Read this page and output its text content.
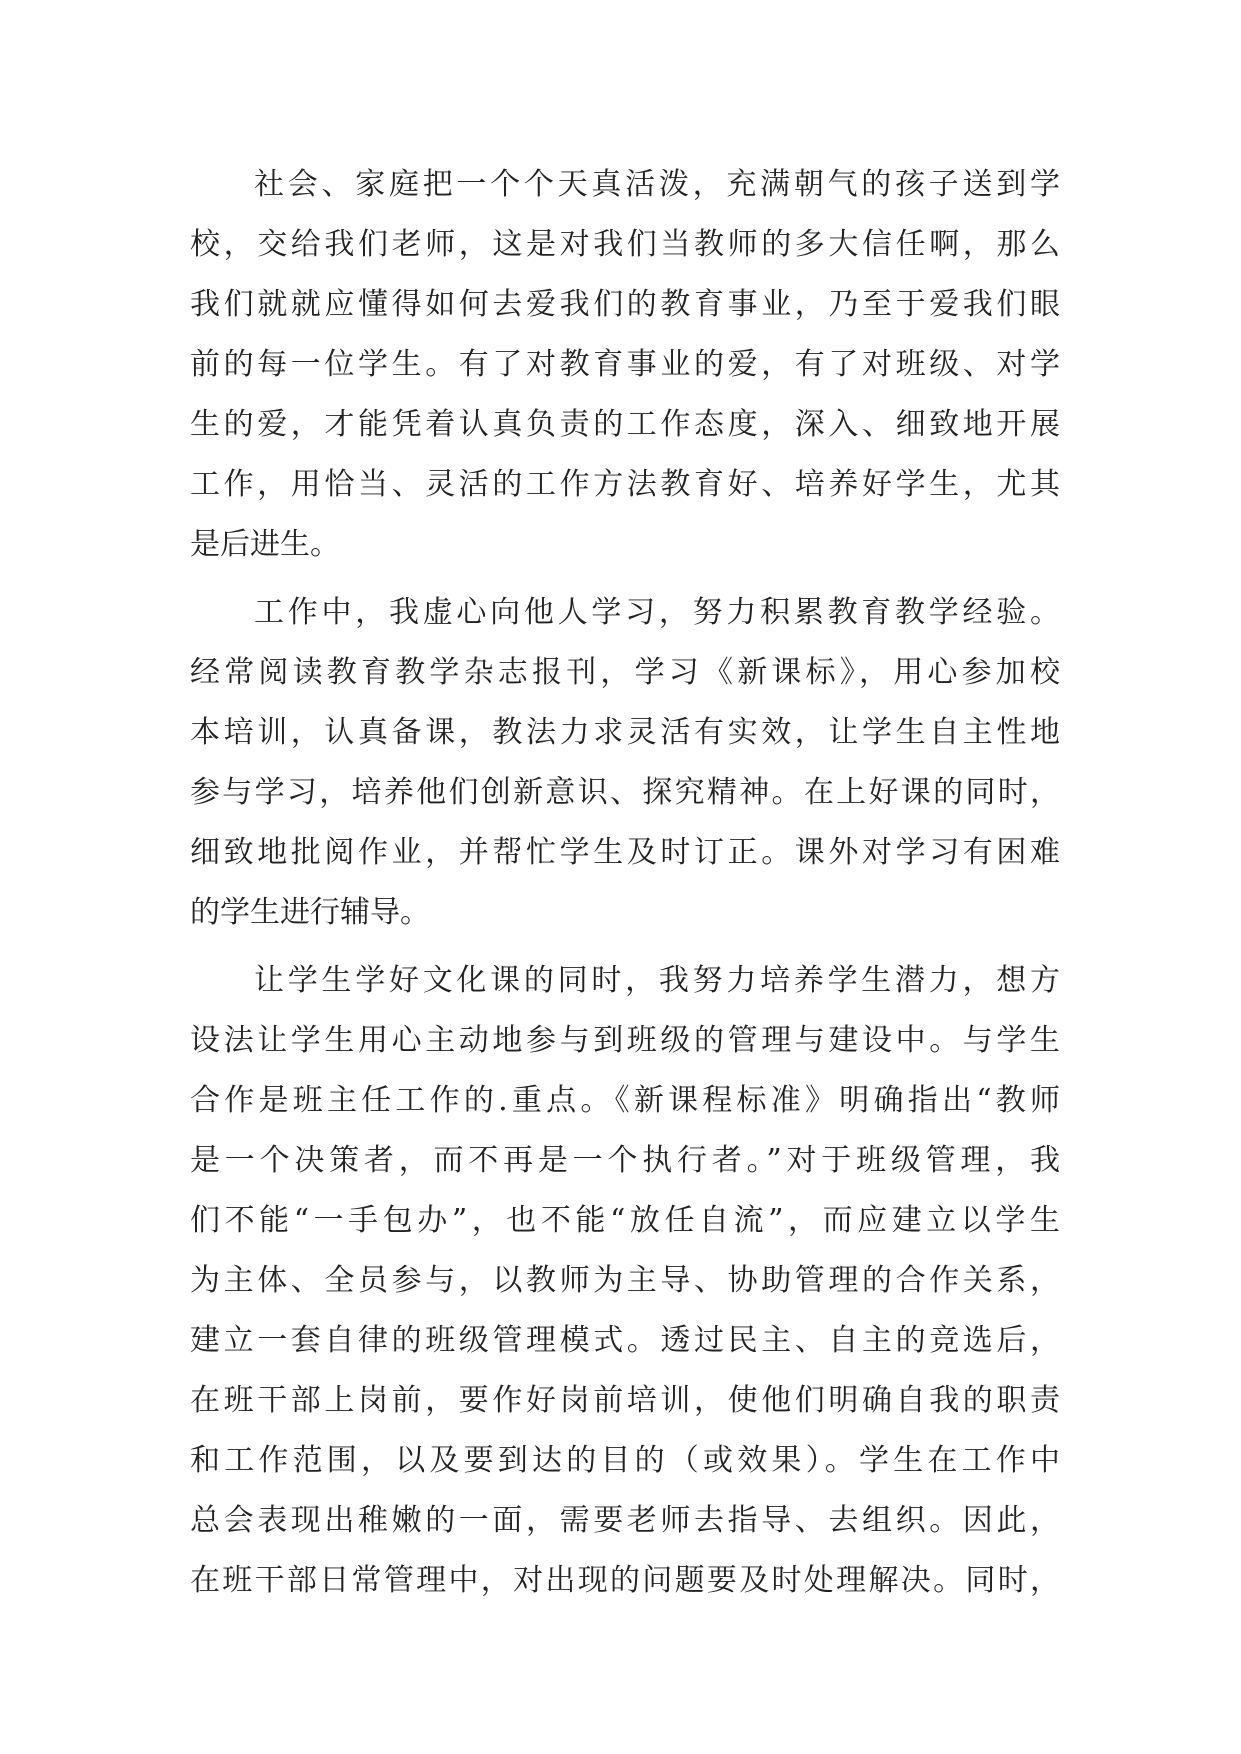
社会、家庭把一个个天真活泼，充满朝气的孩子送到学
校，交给我们老师，这是对我们当教师的多大信任啊，那么
我们就就应懂得如何去爱我们的教育事业，乃至于爱我们眼
前的每一位学生。有了对教育事业的爱，有了对班级、对学
生的爱，才能凭着认真负责的工作态度，深入、细致地开展
工作，用恰当、灵活的工作方法教育好、培养好学生，尤其
是后进生。
工作中，我虚心向他人学习，努力积累教育教学经验。
经常阅读教育教学杂志报刊，学习《新课标》，用心参加校
本培训，认真备课，教法力求灵活有实效，让学生自主性地
参与学习，培养他们创新意识、探究精神。在上好课的同时，
细致地批阅作业，并帮忙学生及时订正。课外对学习有困难
的学生进行辅导。
让学生学好文化课的同时，我努力培养学生潜力，想方
设法让学生用心主动地参与到班级的管理与建设中。与学生
合作是班主任工作的.重点。《新课程标准》明确指出“教师
是一个决策者，而不再是一个执行者。”对于班级管理，我
们不能“一手包办”，也不能“放任自流”，而应建立以学生
为主体、全员参与，以教师为主导、协助管理的合作关系，
建立一套自律的班级管理模式。透过民主、自主的竞选后，
在班干部上岗前，要作好岗前培训，使他们明确自我的职责
和工作范围，以及要到达的目的（或效果）。学生在工作中
总会表现出稚嫩的一面，需要老师去指导、去组织。因此，
在班干部日常管理中，对出现的问题要及时处理解决。同时，
